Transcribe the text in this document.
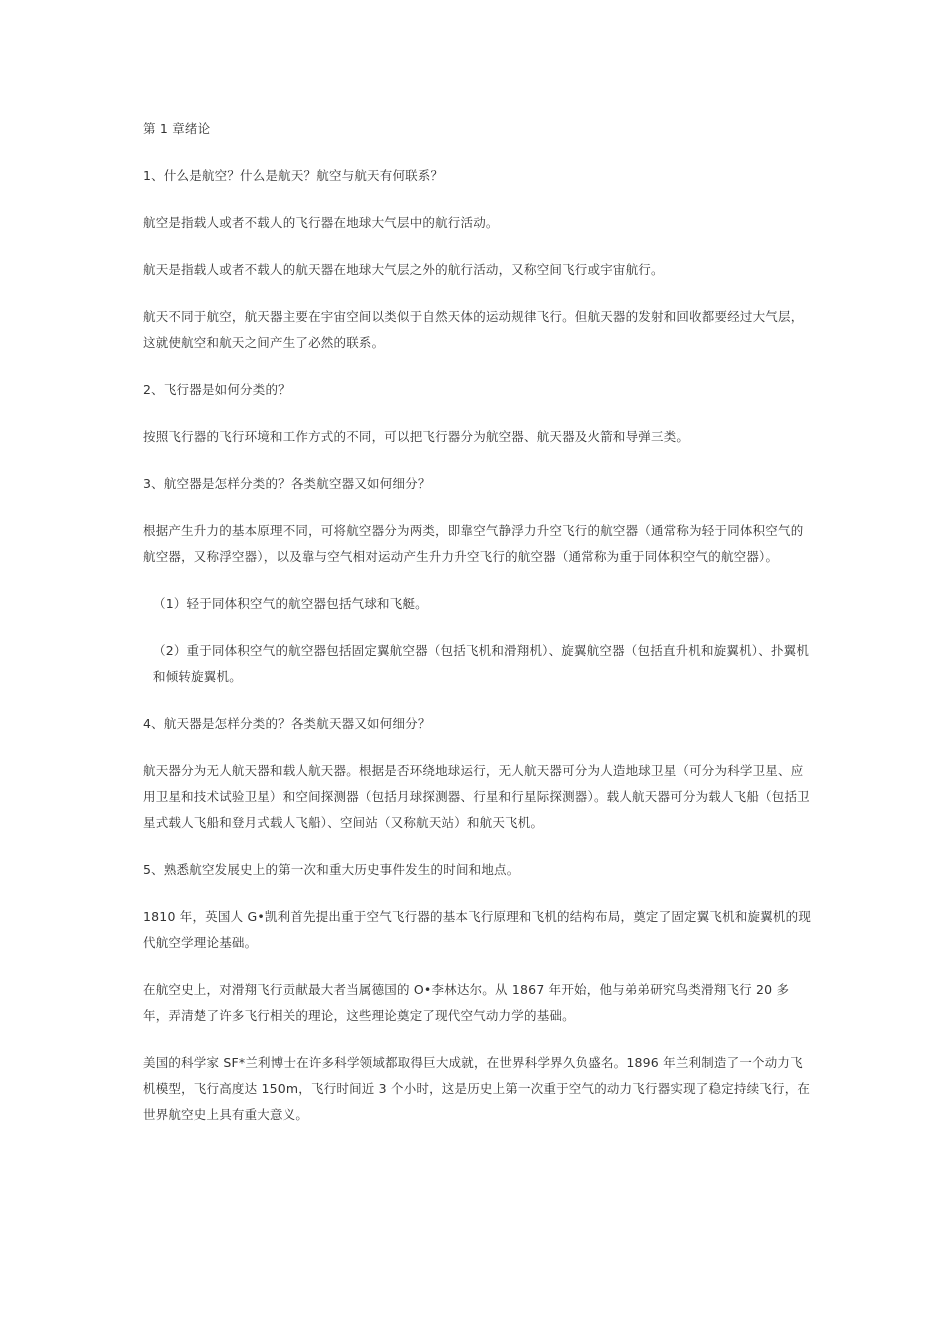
第 1 章绪论

1、什么是航空？什么是航天？航空与航天有何联系？

航空是指载人或者不载人的飞行器在地球大气层中的航行活动。

航天是指载人或者不载人的航天器在地球大气层之外的航行活动，又称空间飞行或宇宙航行。

航天不同于航空，航天器主要在宇宙空间以类似于自然天体的运动规律飞行。但航天器的发射和回收都要经过大气层，这就使航空和航天之间产生了必然的联系。

2、飞行器是如何分类的？

按照飞行器的飞行环境和工作方式的不同，可以把飞行器分为航空器、航天器及火箭和导弹三类。

3、航空器是怎样分类的？各类航空器又如何细分？

根据产生升力的基本原理不同，可将航空器分为两类，即靠空气静浮力升空飞行的航空器（通常称为轻于同体积空气的航空器，又称浮空器），以及靠与空气相对运动产生升力升空飞行的航空器（通常称为重于同体积空气的航空器）。

（1）轻于同体积空气的航空器包括气球和飞艇。

（2）重于同体积空气的航空器包括固定翼航空器（包括飞机和滑翔机）、旋翼航空器（包括直升机和旋翼机）、扑翼机和倾转旋翼机。

4、航天器是怎样分类的？各类航天器又如何细分？

航天器分为无人航天器和载人航天器。根据是否环绕地球运行，无人航天器可分为人造地球卫星（可分为科学卫星、应用卫星和技术试验卫星）和空间探测器（包括月球探测器、行星和行星际探测器）。载人航天器可分为载人飞船（包括卫星式载人飞船和登月式载人飞船）、空间站（又称航天站）和航天飞机。

5、熟悉航空发展史上的第一次和重大历史事件发生的时间和地点。

1810 年，英国人 G•凯利首先提出重于空气飞行器的基本飞行原理和飞机的结构布局，奠定了固定翼飞机和旋翼机的现代航空学理论基础。

在航空史上，对滑翔飞行贡献最大者当属德国的 O•李林达尔。从 1867 年开始，他与弟弟研究鸟类滑翔飞行 20 多年，弄清楚了许多飞行相关的理论，这些理论奠定了现代空气动力学的基础。

美国的科学家 SF*兰利博士在许多科学领域都取得巨大成就，在世界科学界久负盛名。1896 年兰利制造了一个动力飞机模型，飞行高度达 150m，飞行时间近 3 个小时，这是历史上第一次重于空气的动力飞行器实现了稳定持续飞行，在世界航空史上具有重大意义。
